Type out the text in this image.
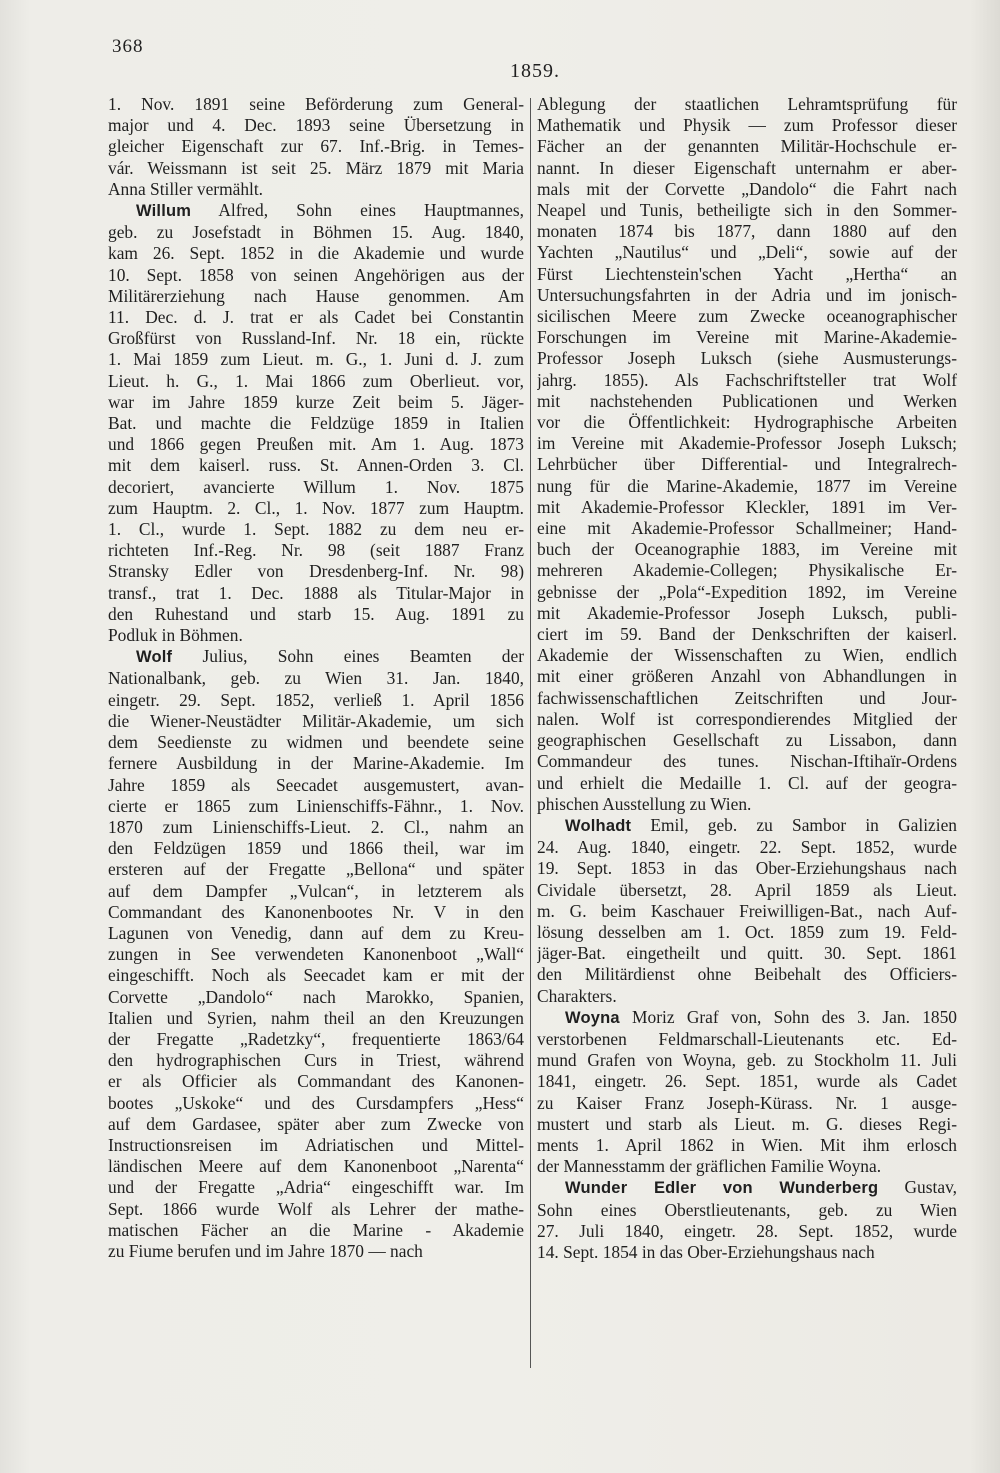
368
1859.
1. Nov. 1891 seine Beförderung zum General-
major und 4. Dec. 1893 seine Übersetzung in
gleicher Eigenschaft zur 67. Inf.-Brig. in Temes-
vár. Weissmann ist seit 25. März 1879 mit Maria
Anna Stiller vermählt.
Willum Alfred, Sohn eines Hauptmannes,
geb. zu Josefstadt in Böhmen 15. Aug. 1840,
kam 26. Sept. 1852 in die Akademie und wurde
10. Sept. 1858 von seinen Angehörigen aus der
Militärerziehung nach Hause genommen. Am
11. Dec. d. J. trat er als Cadet bei Constantin
Großfürst von Russland-Inf. Nr. 18 ein, rückte
1. Mai 1859 zum Lieut. m. G., 1. Juni d. J. zum
Lieut. h. G., 1. Mai 1866 zum Oberlieut. vor,
war im Jahre 1859 kurze Zeit beim 5. Jäger-
Bat. und machte die Feldzüge 1859 in Italien
und 1866 gegen Preußen mit. Am 1. Aug. 1873
mit dem kaiserl. russ. St. Annen-Orden 3. Cl.
decoriert, avancierte Willum 1. Nov. 1875
zum Hauptm. 2. Cl., 1. Nov. 1877 zum Hauptm.
1. Cl., wurde 1. Sept. 1882 zu dem neu er-
richteten Inf.-Reg. Nr. 98 (seit 1887 Franz
Stransky Edler von Dresdenberg-Inf. Nr. 98)
transf., trat 1. Dec. 1888 als Titular-Major in
den Ruhestand und starb 15. Aug. 1891 zu
Podluk in Böhmen.
Wolf Julius, Sohn eines Beamten der
Nationalbank, geb. zu Wien 31. Jan. 1840,
eingetr. 29. Sept. 1852, verließ 1. April 1856
die Wiener-Neustädter Militär-Akademie, um sich
dem Seedienste zu widmen und beendete seine
fernere Ausbildung in der Marine-Akademie. Im
Jahre 1859 als Seecadet ausgemustert, avan-
cierte er 1865 zum Linienschiffs-Fähnr., 1. Nov.
1870 zum Linienschiffs-Lieut. 2. Cl., nahm an
den Feldzügen 1859 und 1866 theil, war im
ersteren auf der Fregatte „Bellona“ und später
auf dem Dampfer „Vulcan“, in letzterem als
Commandant des Kanonenbootes Nr. V in den
Lagunen von Venedig, dann auf dem zu Kreu-
zungen in See verwendeten Kanonenboot „Wall“
eingeschifft. Noch als Seecadet kam er mit der
Corvette „Dandolo“ nach Marokko, Spanien,
Italien und Syrien, nahm theil an den Kreuzungen
der Fregatte „Radetzky“, frequentierte 1863/64
den hydrographischen Curs in Triest, während
er als Officier als Commandant des Kanonen-
bootes „Uskoke“ und des Cursdampfers „Hess“
auf dem Gardasee, später aber zum Zwecke von
Instructionsreisen im Adriatischen und Mittel-
ländischen Meere auf dem Kanonenboot „Narenta“
und der Fregatte „Adria“ eingeschifft war. Im
Sept. 1866 wurde Wolf als Lehrer der mathe-
matischen Fächer an die Marine - Akademie
zu Fiume berufen und im Jahre 1870 — nach
Ablegung der staatlichen Lehramtsprüfung für
Mathematik und Physik — zum Professor dieser
Fächer an der genannten Militär-Hochschule er-
nannt. In dieser Eigenschaft unternahm er aber-
mals mit der Corvette „Dandolo“ die Fahrt nach
Neapel und Tunis, betheiligte sich in den Sommer-
monaten 1874 bis 1877, dann 1880 auf den
Yachten „Nautilus“ und „Deli“, sowie auf der
Fürst Liechtenstein'schen Yacht „Hertha“ an
Untersuchungsfahrten in der Adria und im jonisch-
sicilischen Meere zum Zwecke oceanographischer
Forschungen im Vereine mit Marine-Akademie-
Professor Joseph Luksch (siehe Ausmusterungs-
jahrg. 1855). Als Fachschriftsteller trat Wolf
mit nachstehenden Publicationen und Werken
vor die Öffentlichkeit: Hydrographische Arbeiten
im Vereine mit Akademie-Professor Joseph Luksch;
Lehrbücher über Differential- und Integralrech-
nung für die Marine-Akademie, 1877 im Vereine
mit Akademie-Professor Kleckler, 1891 im Ver-
eine mit Akademie-Professor Schallmeiner; Hand-
buch der Oceanographie 1883, im Vereine mit
mehreren Akademie-Collegen; Physikalische Er-
gebnisse der „Pola“-Expedition 1892, im Vereine
mit Akademie-Professor Joseph Luksch, publi-
ciert im 59. Band der Denkschriften der kaiserl.
Akademie der Wissenschaften zu Wien, endlich
mit einer größeren Anzahl von Abhandlungen in
fachwissenschaftlichen Zeitschriften und Jour-
nalen. Wolf ist correspondierendes Mitglied der
geographischen Gesellschaft zu Lissabon, dann
Commandeur des tunes. Nischan-Iftihaïr-Ordens
und erhielt die Medaille 1. Cl. auf der geogra-
phischen Ausstellung zu Wien.
Wolhadt Emil, geb. zu Sambor in Galizien
24. Aug. 1840, eingetr. 22. Sept. 1852, wurde
19. Sept. 1853 in das Ober-Erziehungshaus nach
Cividale übersetzt, 28. April 1859 als Lieut.
m. G. beim Kaschauer Freiwilligen-Bat., nach Auf-
lösung desselben am 1. Oct. 1859 zum 19. Feld-
jäger-Bat. eingetheilt und quitt. 30. Sept. 1861
den Militärdienst ohne Beibehalt des Officiers-
Charakters.
Woyna Moriz Graf von, Sohn des 3. Jan. 1850
verstorbenen Feldmarschall-Lieutenants etc. Ed-
mund Grafen von Woyna, geb. zu Stockholm 11. Juli
1841, eingetr. 26. Sept. 1851, wurde als Cadet
zu Kaiser Franz Joseph-Kürass. Nr. 1 ausge-
mustert und starb als Lieut. m. G. dieses Regi-
ments 1. April 1862 in Wien. Mit ihm erlosch
der Mannesstamm der gräflichen Familie Woyna.
Wunder Edler von Wunderberg Gustav,
Sohn eines Oberstlieutenants, geb. zu Wien
27. Juli 1840, eingetr. 28. Sept. 1852, wurde
14. Sept. 1854 in das Ober-Erziehungshaus nach
